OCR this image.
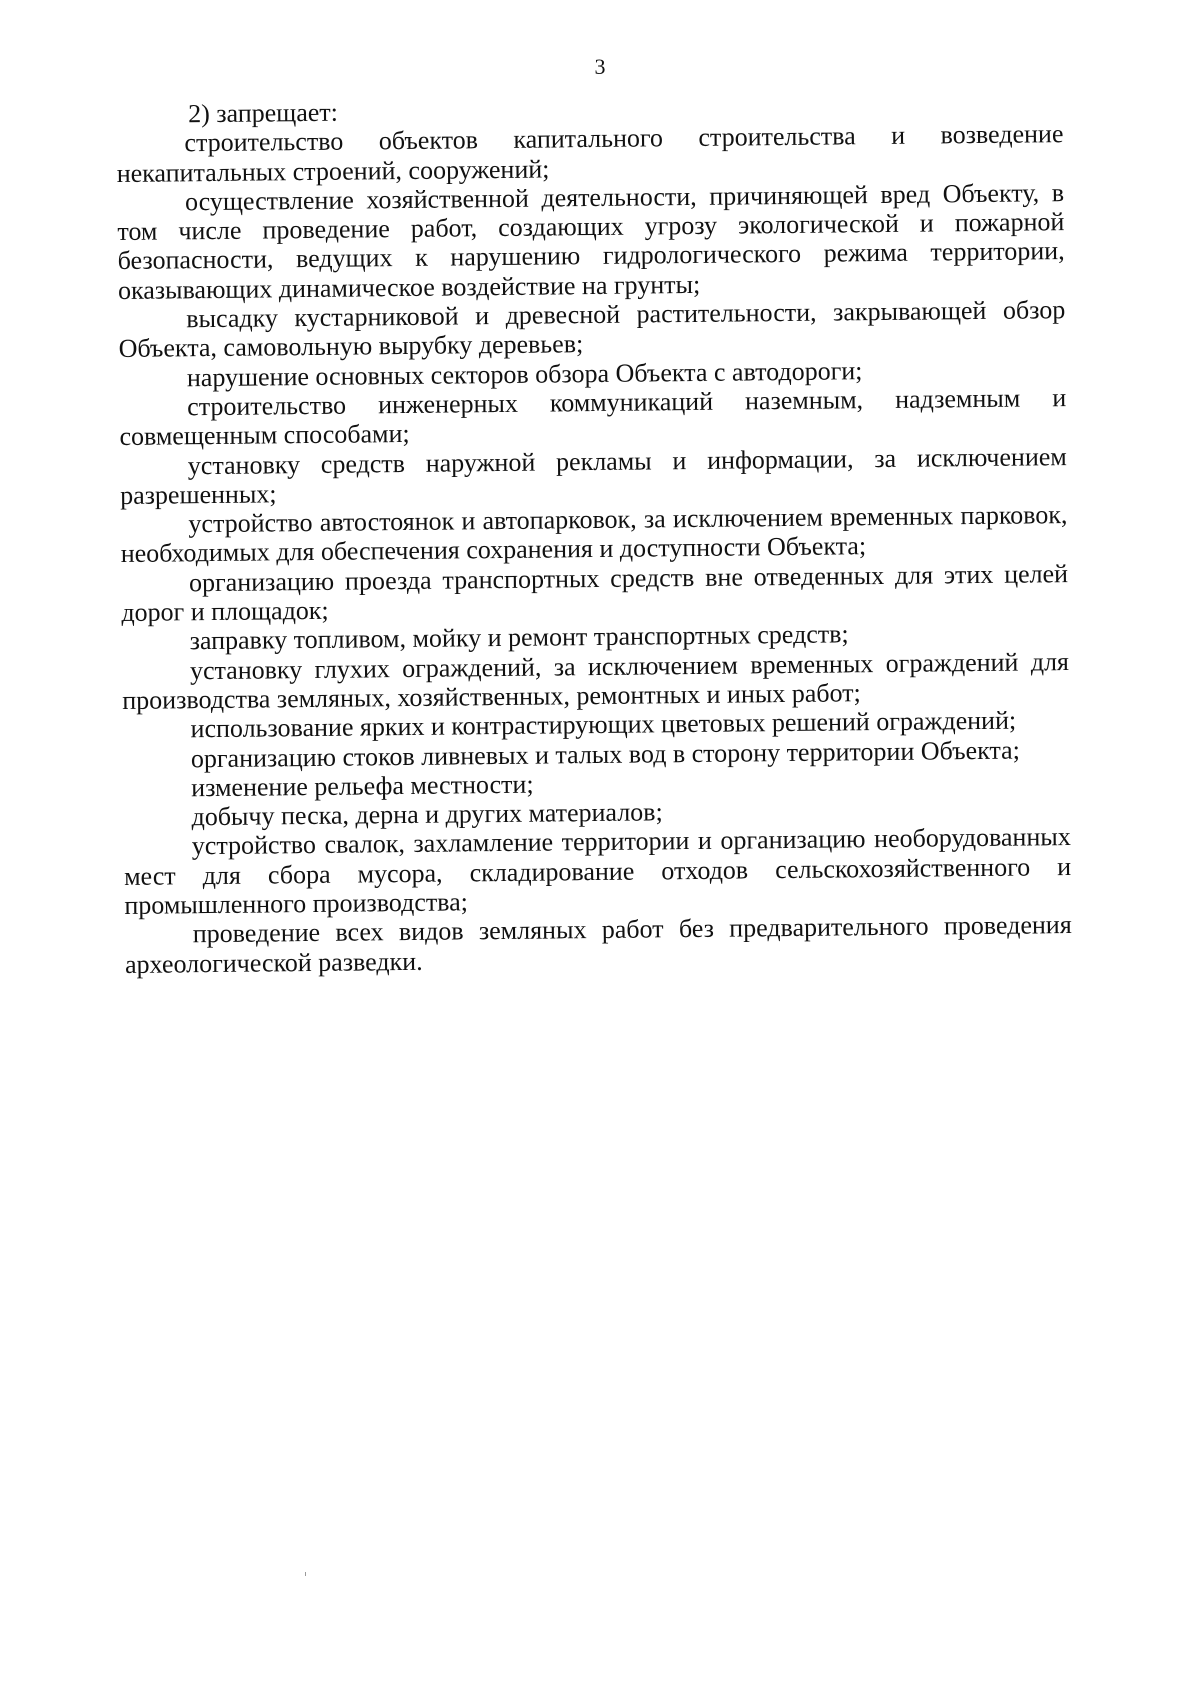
3

2) запрещает:

строительство объектов капитального строительства и возведение некапитальных строений, сооружений;

осуществление хозяйственной деятельности, причиняющей вред Объекту, в том числе проведение работ, создающих угрозу экологической и пожарной безопасности, ведущих к нарушению гидрологического режима территории, оказывающих динамическое воздействие на грунты;

высадку кустарниковой и древесной растительности, закрывающей обзор Объекта, самовольную вырубку деревьев;

нарушение основных секторов обзора Объекта с автодороги;

строительство инженерных коммуникаций наземным, надземным и совмещенным способами;

установку средств наружной рекламы и информации, за исключением разрешенных;

устройство автостоянок и автопарковок, за исключением временных парковок, необходимых для обеспечения сохранения и доступности Объекта;

организацию проезда транспортных средств вне отведенных для этих целей дорог и площадок;

заправку топливом, мойку и ремонт транспортных средств;

установку глухих ограждений, за исключением временных ограждений для производства земляных, хозяйственных, ремонтных и иных работ;

использование ярких и контрастирующих цветовых решений ограждений;

организацию стоков ливневых и талых вод в сторону территории Объекта;

изменение рельефа местности;

добычу песка, дерна и других материалов;

устройство свалок, захламление территории и организацию необорудованных мест для сбора мусора, складирование отходов сельскохозяйственного и промышленного производства;

проведение всех видов земляных работ без предварительного проведения археологической разведки.
